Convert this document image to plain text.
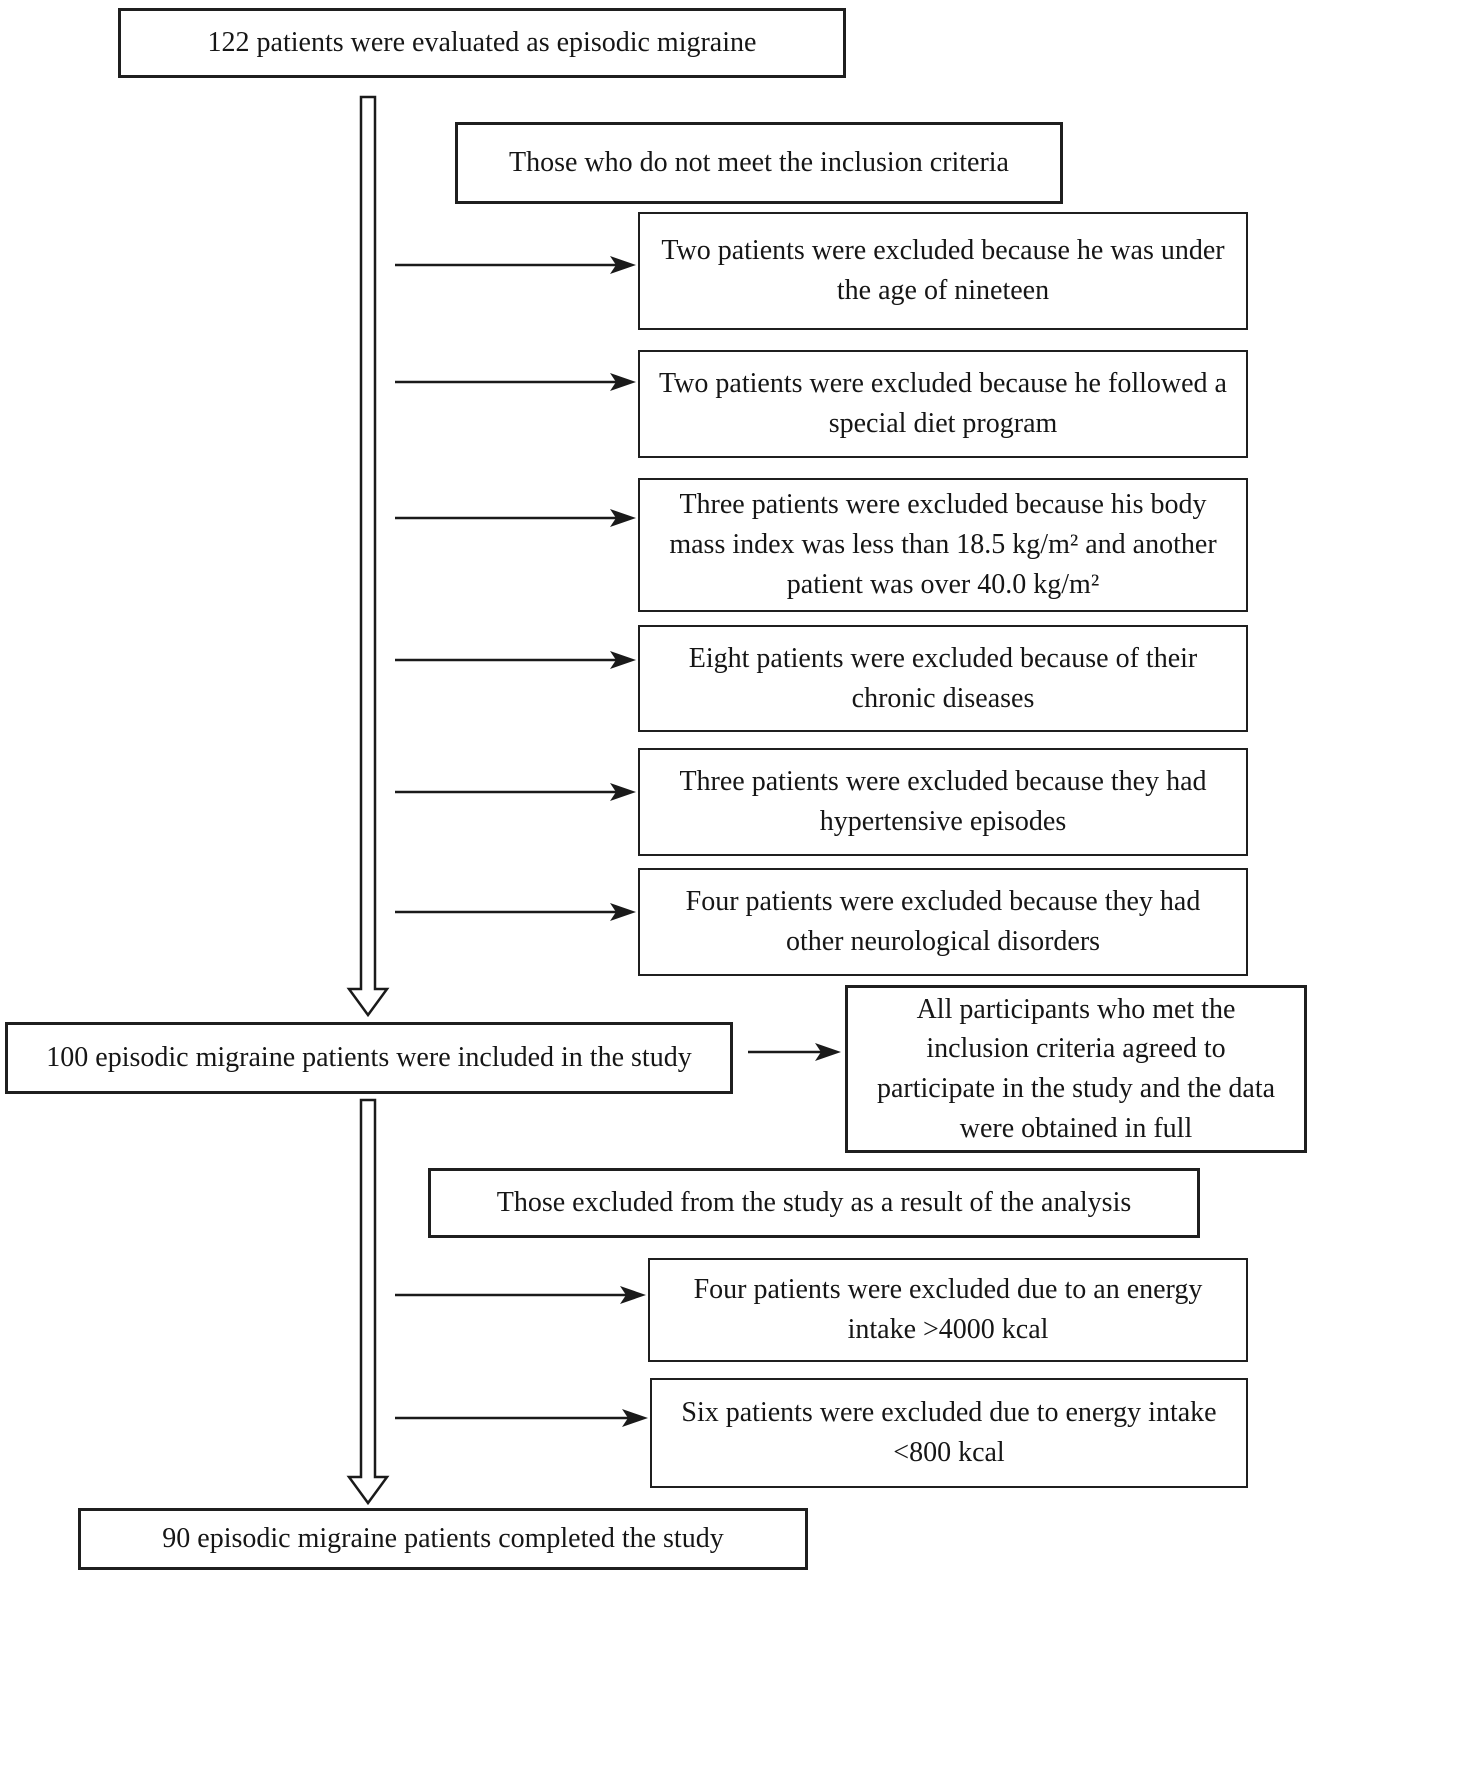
122 patients were evaluated as episodic migraine
Those who do not meet the inclusion criteria
Two patients were excluded because he was under the age of nineteen
Two patients were excluded because he followed a special diet program
Three patients were excluded because his body mass index was less than 18.5 kg/m² and another patient was over 40.0 kg/m²
Eight patients were excluded because of their chronic diseases
Three patients were excluded because they had hypertensive episodes
Four patients were excluded because they had other neurological disorders
100 episodic migraine patients were included in the study
All participants who met the inclusion criteria agreed to participate in the study and the data were obtained in full
Those excluded from the study as a result of the analysis
Four patients were excluded due to an energy intake >4000 kcal
Six patients were excluded due to energy intake <800 kcal
90 episodic migraine patients completed the study
